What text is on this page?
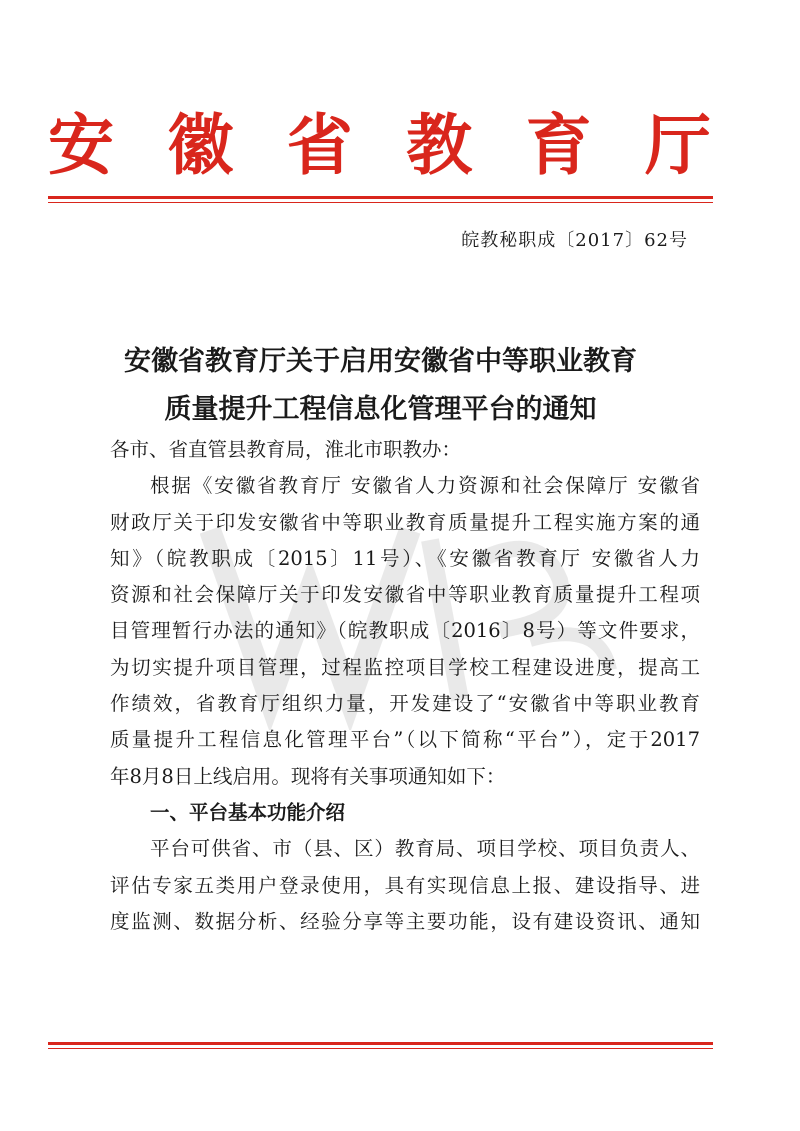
安徽省教育厅
皖教秘职成〔2017〕62号
安徽省教育厅关于启用安徽省中等职业教育
质量提升工程信息化管理平台的通知
各市、省直管县教育局，淮北市职教办：
根据《安徽省教育厅 安徽省人力资源和社会保障厅 安徽省
财政厅关于印发安徽省中等职业教育质量提升工程实施方案的通
知》（皖教职成〔2015〕11号）、《安徽省教育厅 安徽省人力
资源和社会保障厅关于印发安徽省中等职业教育质量提升工程项
目管理暂行办法的通知》（皖教职成〔2016〕8号）等文件要求，
为切实提升项目管理，过程监控项目学校工程建设进度，提高工
作绩效，省教育厅组织力量，开发建设了“安徽省中等职业教育
质量提升工程信息化管理平台”（以下简称“平台”），定于2017
年8月8日上线启用。现将有关事项通知如下：
一、平台基本功能介绍
平台可供省、市（县、区）教育局、项目学校、项目负责人、
评估专家五类用户登录使用，具有实现信息上报、建设指导、进
度监测、数据分析、经验分享等主要功能，设有建设资讯、通知
